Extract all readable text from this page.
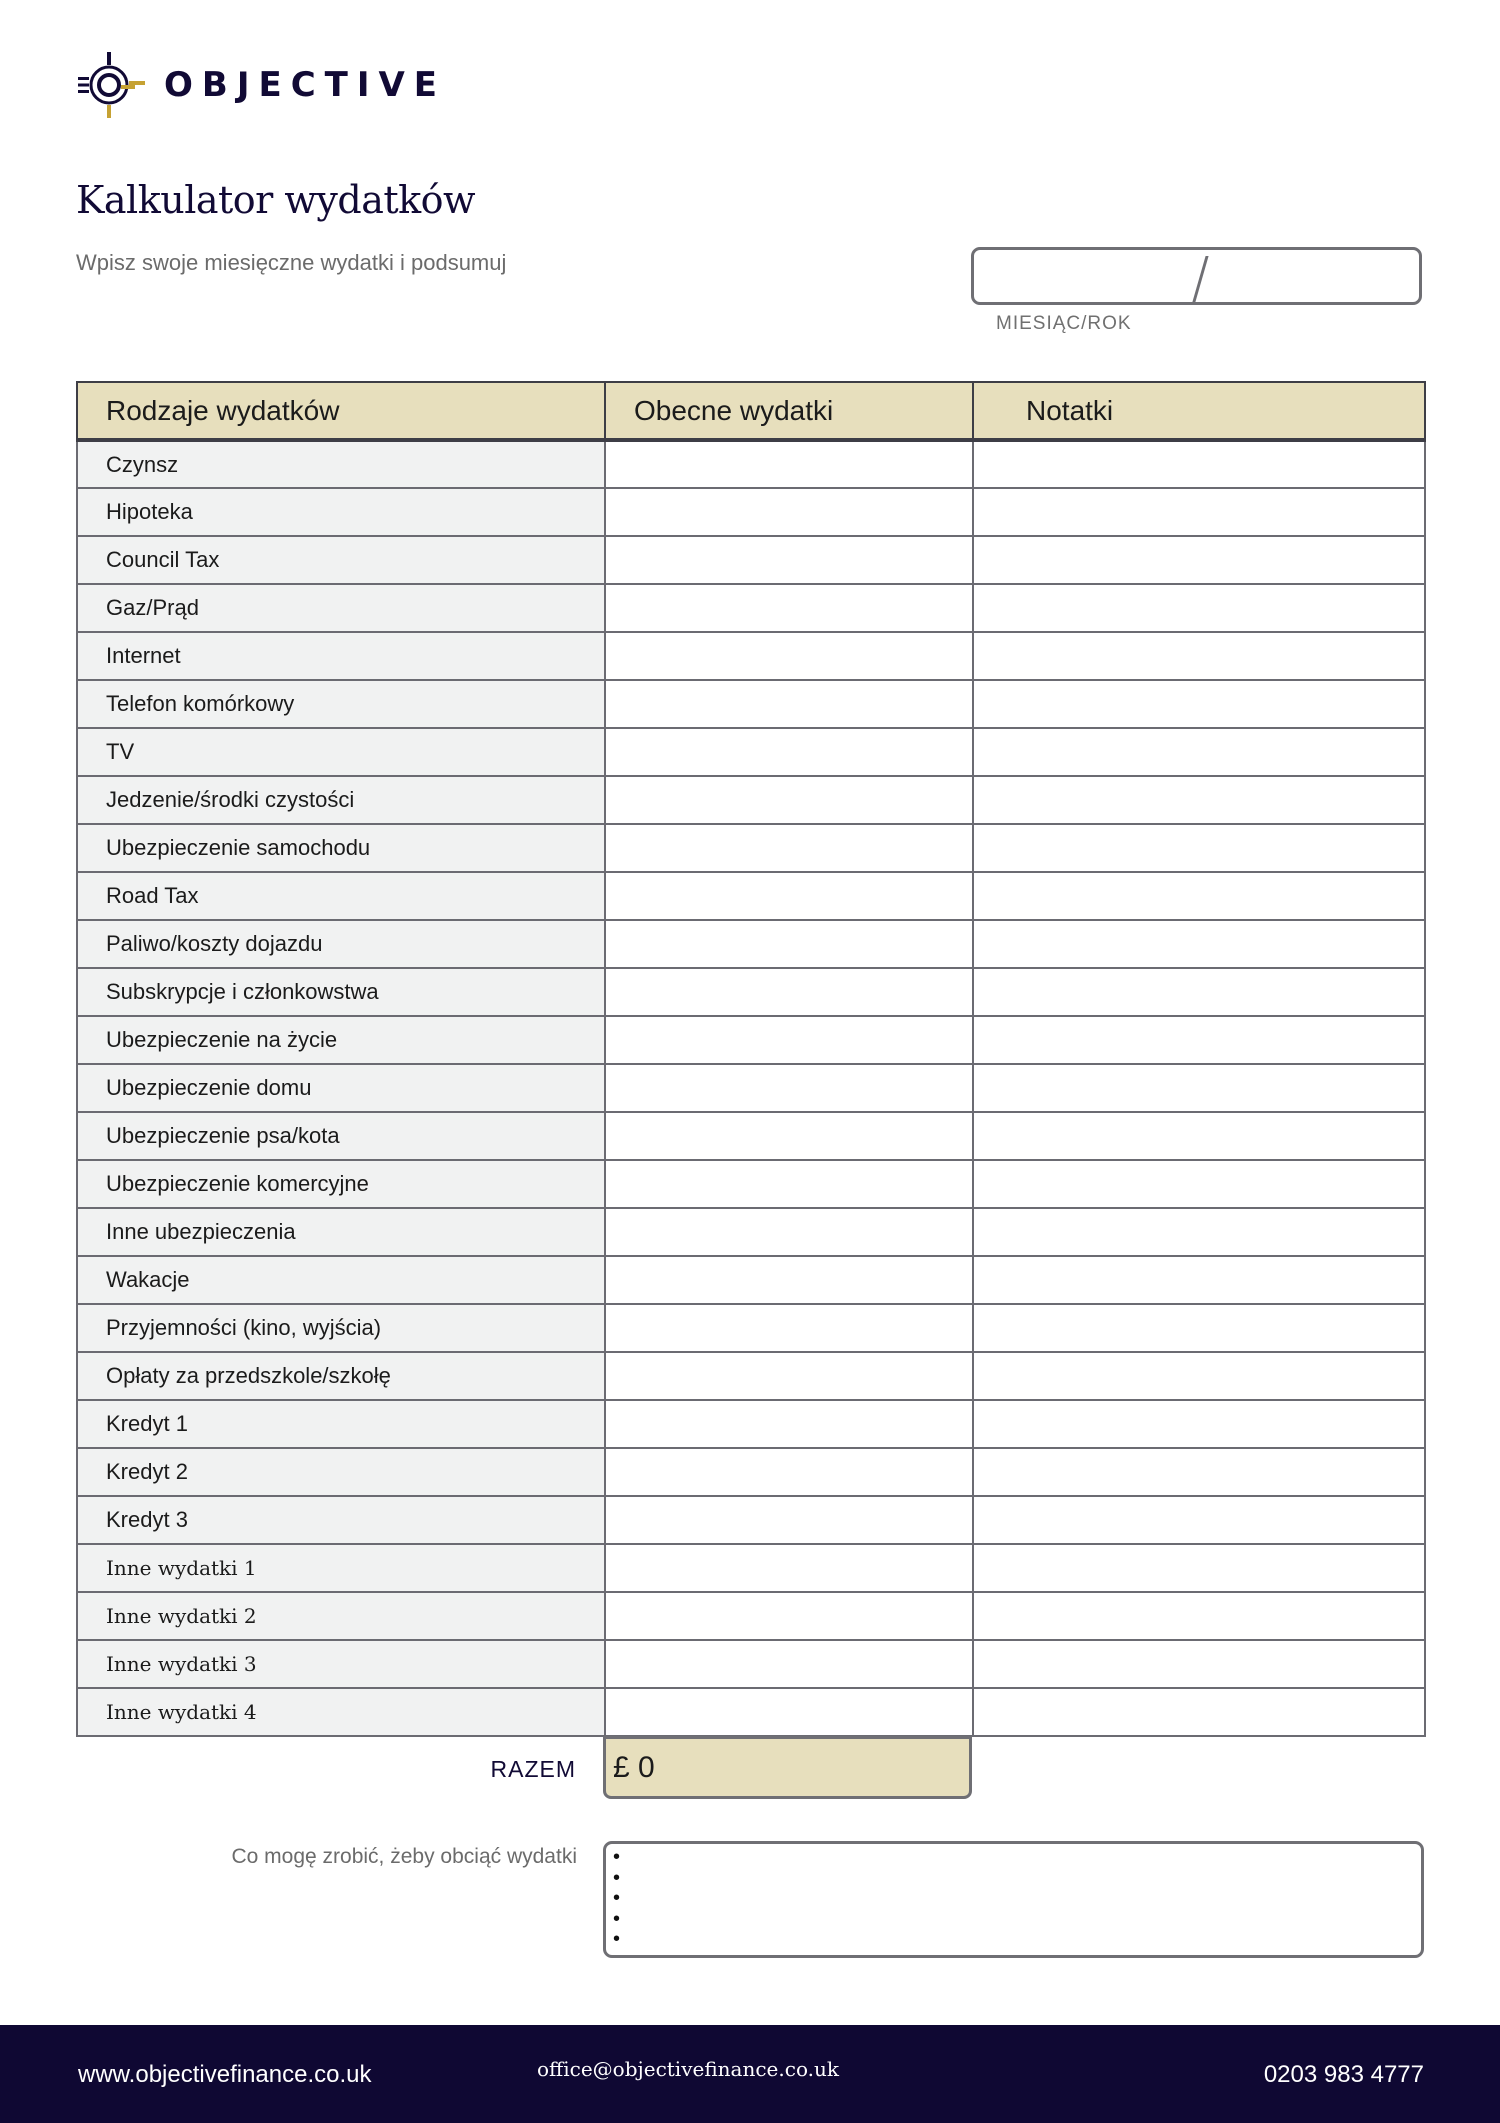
OBJECTIVE
Kalkulator wydatków
Wpisz swoje miesięczne wydatki i podsumuj
MIESIĄC/ROK
Rodzaje wydatków	Obecne wydatki	Notatki
Czynsz		
Hipoteka		
Council Tax		
Gaz/Prąd		
Internet		
Telefon komórkowy		
TV		
Jedzenie/środki czystości		
Ubezpieczenie samochodu		
Road Tax		
Paliwo/koszty dojazdu		
Subskrypcje i członkowstwa		
Ubezpieczenie na życie		
Ubezpieczenie domu		
Ubezpieczenie psa/kota		
Ubezpieczenie komercyjne		
Inne ubezpieczenia		
Wakacje		
Przyjemności (kino, wyjścia)		
Opłaty za przedszkole/szkołę		
Kredyt 1		
Kredyt 2		
Kredyt 3		
Inne wydatki 1		
Inne wydatki 2		
Inne wydatki 3		
Inne wydatki 4		
RAZEM	£ 0
Co mogę zrobić, żeby obciąć wydatki
•
•
•
•
•
www.objectivefinance.co.uk	office@objectivefinance.co.uk	0203 983 4777
